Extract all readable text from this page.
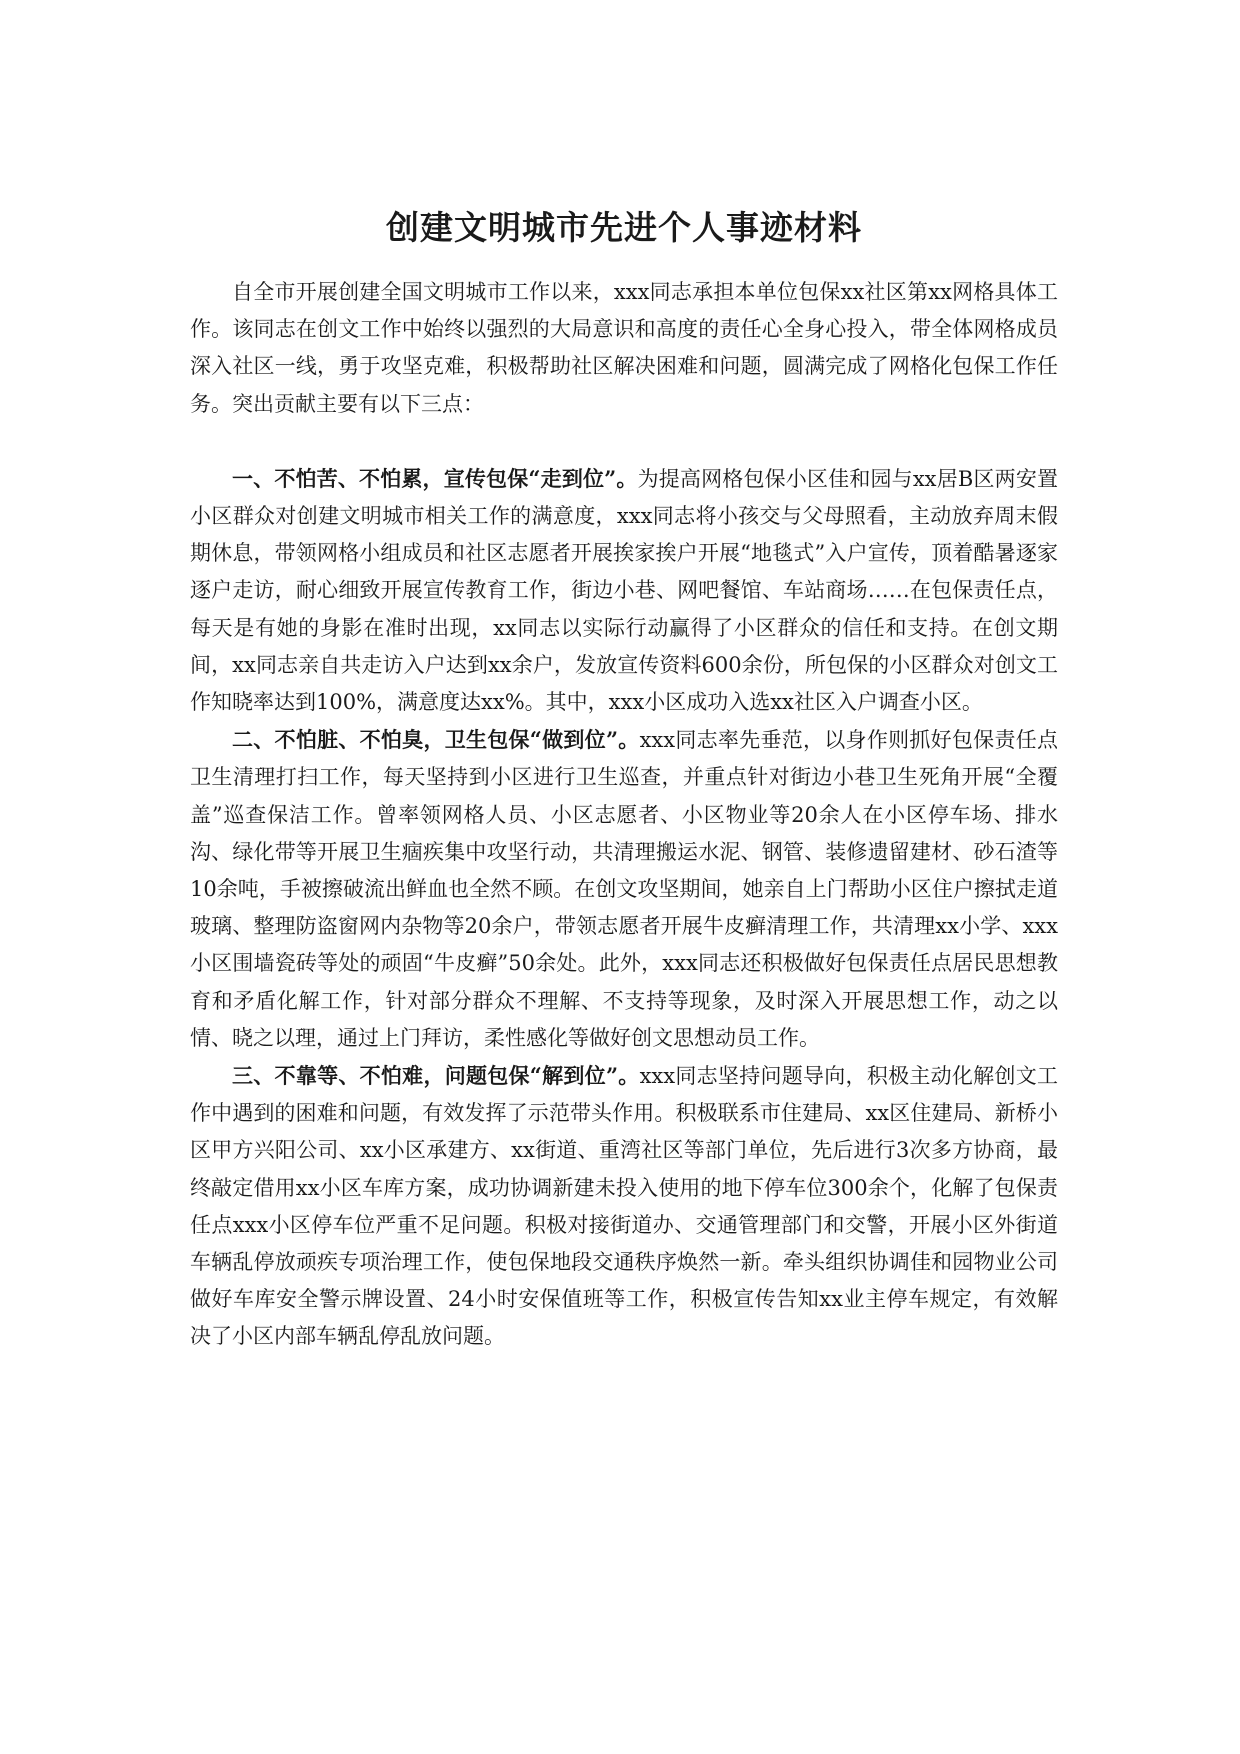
创建文明城市先进个人事迹材料

自全市开展创建全国文明城市工作以来，xxx同志承担本单位包保xx社区第xx网格具体工作。该同志在创文工作中始终以强烈的大局意识和高度的责任心全身心投入，带全体网格成员深入社区一线，勇于攻坚克难，积极帮助社区解决困难和问题，圆满完成了网格化包保工作任务。突出贡献主要有以下三点：

一、不怕苦、不怕累，宣传包保“走到位”。为提高网格包保小区佳和园与xx居B区两安置小区群众对创建文明城市相关工作的满意度，xxx同志将小孩交与父母照看，主动放弃周末假期休息，带领网格小组成员和社区志愿者开展挨家挨户开展“地毯式”入户宣传，顶着酷暑逐家逐户走访，耐心细致开展宣传教育工作，街边小巷、网吧餐馆、车站商场……在包保责任点，每天是有她的身影在准时出现，xx同志以实际行动赢得了小区群众的信任和支持。在创文期间，xx同志亲自共走访入户达到xx余户，发放宣传资料600余份，所包保的小区群众对创文工作知晓率达到100%，满意度达xx%。其中，xxx小区成功入选xx社区入户调查小区。

二、不怕脏、不怕臭，卫生包保“做到位”。xxx同志率先垂范，以身作则抓好包保责任点卫生清理打扫工作，每天坚持到小区进行卫生巡查，并重点针对街边小巷卫生死角开展“全覆盖”巡查保洁工作。曾率领网格人员、小区志愿者、小区物业等20余人在小区停车场、排水沟、绿化带等开展卫生痼疾集中攻坚行动，共清理搬运水泥、钢管、装修遗留建材、砂石渣等10余吨，手被擦破流出鲜血也全然不顾。在创文攻坚期间，她亲自上门帮助小区住户擦拭走道玻璃、整理防盗窗网内杂物等20余户，带领志愿者开展牛皮癣清理工作，共清理xx小学、xxx小区围墙瓷砖等处的顽固“牛皮癣”50余处。此外，xxx同志还积极做好包保责任点居民思想教育和矛盾化解工作，针对部分群众不理解、不支持等现象，及时深入开展思想工作，动之以情、晓之以理，通过上门拜访，柔性感化等做好创文思想动员工作。

三、不靠等、不怕难，问题包保“解到位”。xxx同志坚持问题导向，积极主动化解创文工作中遇到的困难和问题，有效发挥了示范带头作用。积极联系市住建局、xx区住建局、新桥小区甲方兴阳公司、xx小区承建方、xx街道、重湾社区等部门单位，先后进行3次多方协商，最终敲定借用xx小区车库方案，成功协调新建未投入使用的地下停车位300余个，化解了包保责任点xxx小区停车位严重不足问题。积极对接街道办、交通管理部门和交警，开展小区外街道车辆乱停放顽疾专项治理工作，使包保地段交通秩序焕然一新。牵头组织协调佳和园物业公司做好车库安全警示牌设置、24小时安保值班等工作，积极宣传告知xx业主停车规定，有效解决了小区内部车辆乱停乱放问题。
